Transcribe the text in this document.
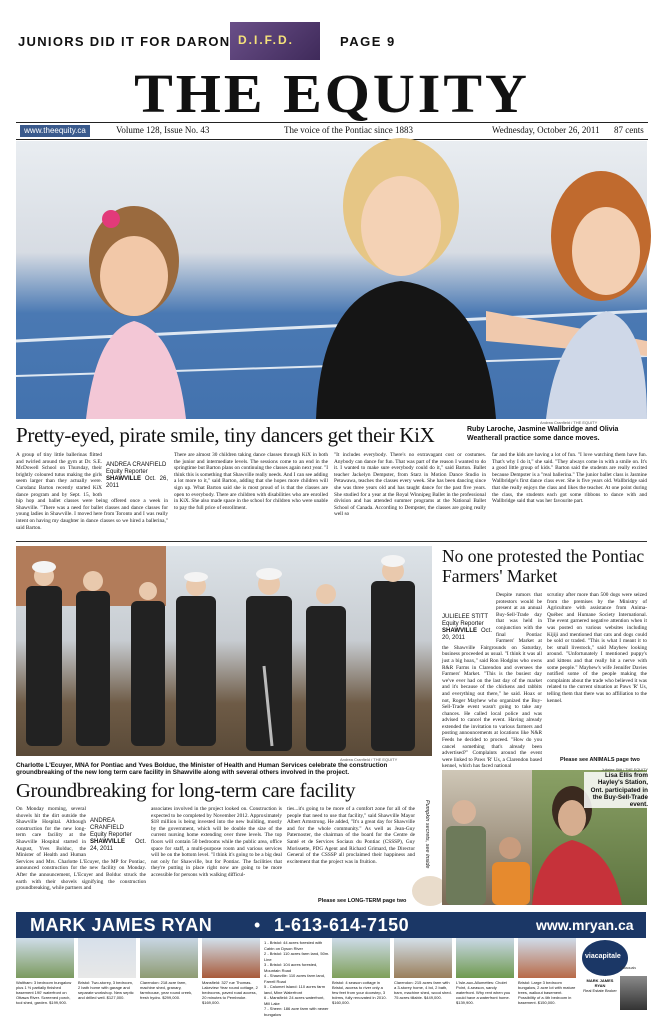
JUNIORS DID IT FOR DARON D.I.F.D.	PAGE 9
THE EQUITY
www.theequity.ca	Volume 128, Issue No. 43	The voice of the Pontiac since 1883	Wednesday, October 26, 2011 87 cents
Andrea Cranfield / THE EQUITY
Pretty-eyed, pirate smile, tiny dancers get their KiX	Ruby Laroche, Jasmine Wallbridge and Olivia Weatherall practice some dance moves.
ANDREA CRANFIELD
Equity Reporter
SHAWVILLE Oct. 26, 2011
A group of tiny little ballerinas flitted and twirled around the gym at Dr. S.E. McDowell School on Thursday, their brightly coloured tutus making the girls seem larger than they actually were. Cursdanz Barton recently started KiX dance program and by Sept. 15, both hip hop and ballet classes were being offered once a week in Shawville. "There was a need for ballet classes and dance classes for young ladies in Shawville. I moved here from Toronto and I was really intent on having my daughter in dance classes so we hired a ballerina," said Barton.
There are almost 30 children taking dance classes through KiX in both the junior and intermediate levels. The sessions come to an end in the springtime but Barton plans on continuing the classes again next year. "I think this is something that Shawville really needs. And I can see adding a lot more to it," said Barton, adding that she hopes more children will sign up. What Barton said she is most proud of is that the classes are open to everybody. There are children with disabilities who are enrolled in KiX. She also made space in the school for children who were unable to pay the full price of enrollment.
"It includes everybody. There's no extravagant cost or costumes. Anybody can dance for fun. That was part of the reason I wanted to do it. I wanted to make sure everybody could do it," said Barton. Ballet teacher Jackelyn Dempster, from Starz in Motion Dance Studio in Petawawa, teaches the classes every week. She has been dancing since she was three years old and has taught dance for the past five years. She studied for a year at the Royal Winnipeg Ballet in the professional division and has attended summer programs at the National Ballet School of Canada. According to Dempster, the classes are going really well so
far and the kids are having a lot of fun. "I love watching them have fun. That's why I do it," she said. "They always come in with a smile on. It's a good little group of kids." Barton said the students are really excited because Dempster is a "real ballerina." The junior ballet class is Jasmine Wallbridge's first dance class ever. She is five years old. Wallbridge said that she really enjoys the class and likes the teacher. At one point during the class, the students each got some ribbons to dance with and Wallbridge said that was her favourite part.
Andrea Cranfield / THE EQUITY
Charlotte L'Ecuyer, MNA for Pontiac and Yves Bolduc, the Minister of Health and Human Services celebrate the construction groundbreaking of the new long term care facility in Shawville along with several others involved in the project.
Groundbreaking for long-term care facility
ANDREA CRANFIELD
Equity Reporter
SHAWVILLE Oct. 24, 2011
On Monday morning, several shovels hit the dirt outside the Shawville Hospital. Although construction for the new long-term care facility at the Shawville Hospital started in August, Yves Bolduc, the Minister of Health and Human Services and Mrs. Charlotte L'Ecuyer, the MP for Pontiac, announced construction for the new facility on Monday. After the announcement, L'Ecuyer and Bolduc struck the earth with their shovels signifying the construction groundbreaking, while partners and
associates involved in the project looked on. Construction is expected to be completed by November 2012. Approximately $18 million is being invested into the new building, mostly by the government, which will be double the size of the current nursing home extending over three levels. The top floors will contain 50 bedrooms while the public area, office space for staff, a multi-purpose room and various services will be on the bottom level. "I think it's going to be a big deal not only for Shawville, but for Pontiac. The facilities that they're putting in place right now are going to be more accessible for persons with walking difficul-
ties...it's going to be more of a comfort zone for all of the people that need to use that facility," said Shawville Mayor Albert Armstrong. He added, "It's a great day for Shawville and for the whole community." As well as Jean-Guy Paternoster, the chairman of the board for the Centre de Santé et de Services Sociaux du Pontiac (CSSSP), Guy Morissette, PDG Agent and Richard Grimard, the Director General of the CSSSP all proclaimed their happiness and excitement that the project was in fruition.
Please see LONG-TERM page two
Pumpkin secrets, see inside
No one protested the Pontiac Farmers' Market
JULIELEE STITT
Equity Reporter
SHAWVILLE Oct. 20, 2011
Despite rumors that protestors would be present at an annual Buy-Sell-Trade day that was held in conjunction with the final Pontiac Farmers' Market at the Shawville Fairgrounds on Saturday, business proceeded as usual. "I think it was all just a big hoax," said Ron Hodgins who owns R&R Farms in Clarendon and oversees the Farmers' Market. "This is the busiest day we've ever had on the last day of the market and it's because of the chickens and rabbits and everything out there," he said. Hoax or not, Roger Mayhew who organized the Buy-Sell-Trade event wasn't going to take any chances. He called local police and was advised to cancel the event. Having already extended the invitation to various farmers and posting announcements at locations like N&R Feeds he decided to proceed. "How do you cancel something that's already been advertised?" Complaints around the event were linked to Paws 'R' Us, a Clarendon based kennel, which has faced national
scrutiny after more than 500 dogs were seized from the premises by the Ministry of Agriculture with assistance from Anima-Québec and Humane Society International. The event garnered negative attention when it was posted on various websites including Kijiji and mentioned that cats and dogs could be sold or traded. "This is what I meant it to be: small livestock," said Mayhew looking around. "Unfortunately I mentioned puppy's and kittens and that really hit a nerve with some people." Mayhew's wife Jennifer Davies notified some of the people making the complaints about the trade who believed it was related to the current situation at Paws 'R' Us, telling them that there was no affiliation to the kennel.
Please see ANIMALS page two
Julielee Stitt / THE EQUITY
Lisa Ellis from Hayley's Station, Ont. participated in the Buy-Sell-Trade event.
MARK JAMES RYAN • 1-613-614-7150	www.mryan.ca
Waltham: 3 bedroom bungalow plus 1 ½ partially finished basement 190' waterfront on Ottawa River. Screened porch, tool shed, garden. $199,900.
Bristol: Two-storey, 3 bedroom, 2 bath home with garage and separate workshop. New septic and drilled well. $127,000.
Clarendon: 218 acre farm, machine shed, granary, farmhouse, year round creek, fresh hydro. $299,000.
Mansfield: 327 rue Thomas. Lakeview Year round cottage, 2 bedrooms, paved road access, 20 minutes to Pembroke. $169,000.
1 - Bristol: 44 acres forested with Cabin on Dyson River
2 - Bristol: 110 acres farm land, 50m. Line
3 - Bristol: 104 acres forested, Mountain Road
4 - Shawville: 110 acres farm land, Farrell Road
5 - Calumet Island: 110 acres farm land, Mine Waterfront
6 - Mansfield: 24 acres waterfront, Mill Lake
7 - Sheen: 186 acre farm with newer bungalow
Bristol: 4 season cottage in Bristol, access to river only a few feet from your doorstep, 3 bdrms, fully renovated in 2010. $160,000.
Clarendon: 215 acres farm with a 3-storey home, 4 bd, 2 bath, barn, machine shed, wood shed. 75 acres tillable. $449,000.
L'Isle-aux-Allumettes: Cholet Point, 4-season, sandy waterfront. Why rent when you could have a waterfront home. $139,900.
Bristol: Large 3 bedroom bungalow, 2 acre lot with mature trees, walkout basement. Possibility of a 4th bedroom in basement. $150,000.
viacapitale
Outaouais
MARK JAMES RYAN
Real Estate Broker
